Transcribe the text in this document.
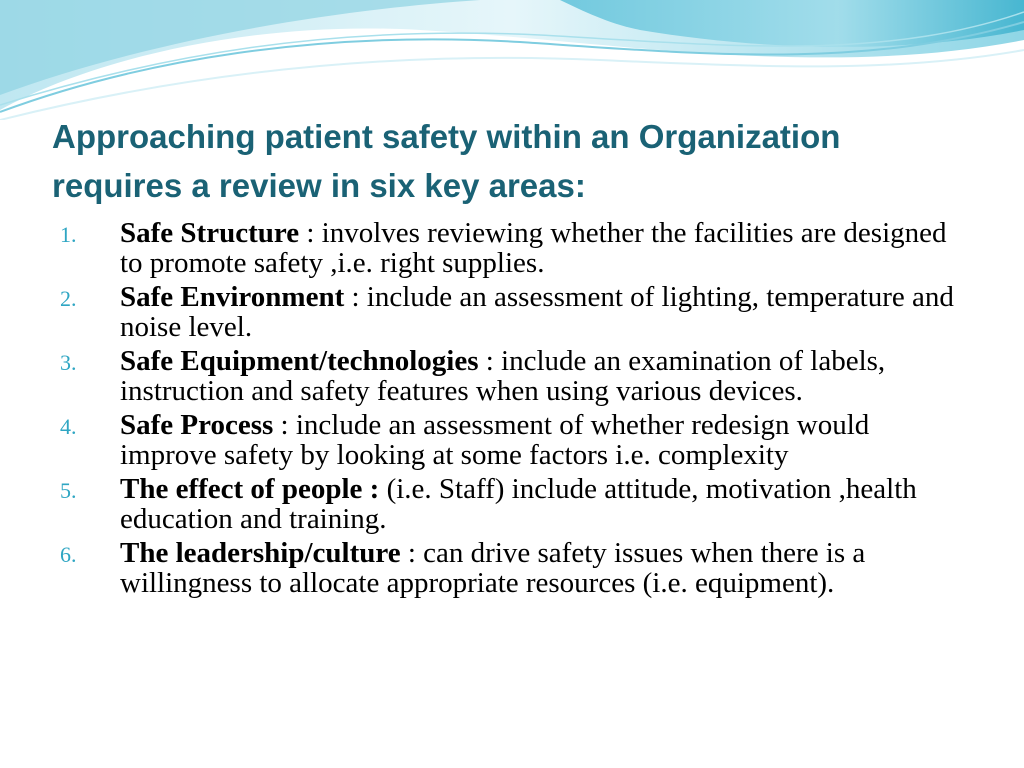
Approaching patient safety within an Organization
requires a review in six key areas:
1. Safe Structure : involves reviewing whether the facilities are designed to promote safety ,i.e. right supplies.
2. Safe Environment : include an assessment of lighting, temperature and noise level.
3. Safe Equipment/technologies : include an examination of labels, instruction and safety features when using various devices.
4. Safe Process : include an assessment of whether redesign would improve safety by looking at some factors i.e. complexity
5. The effect of people : (i.e. Staff) include attitude, motivation ,health education and training.
6. The leadership/culture : can drive safety issues when there is a willingness to allocate appropriate resources (i.e. equipment).
